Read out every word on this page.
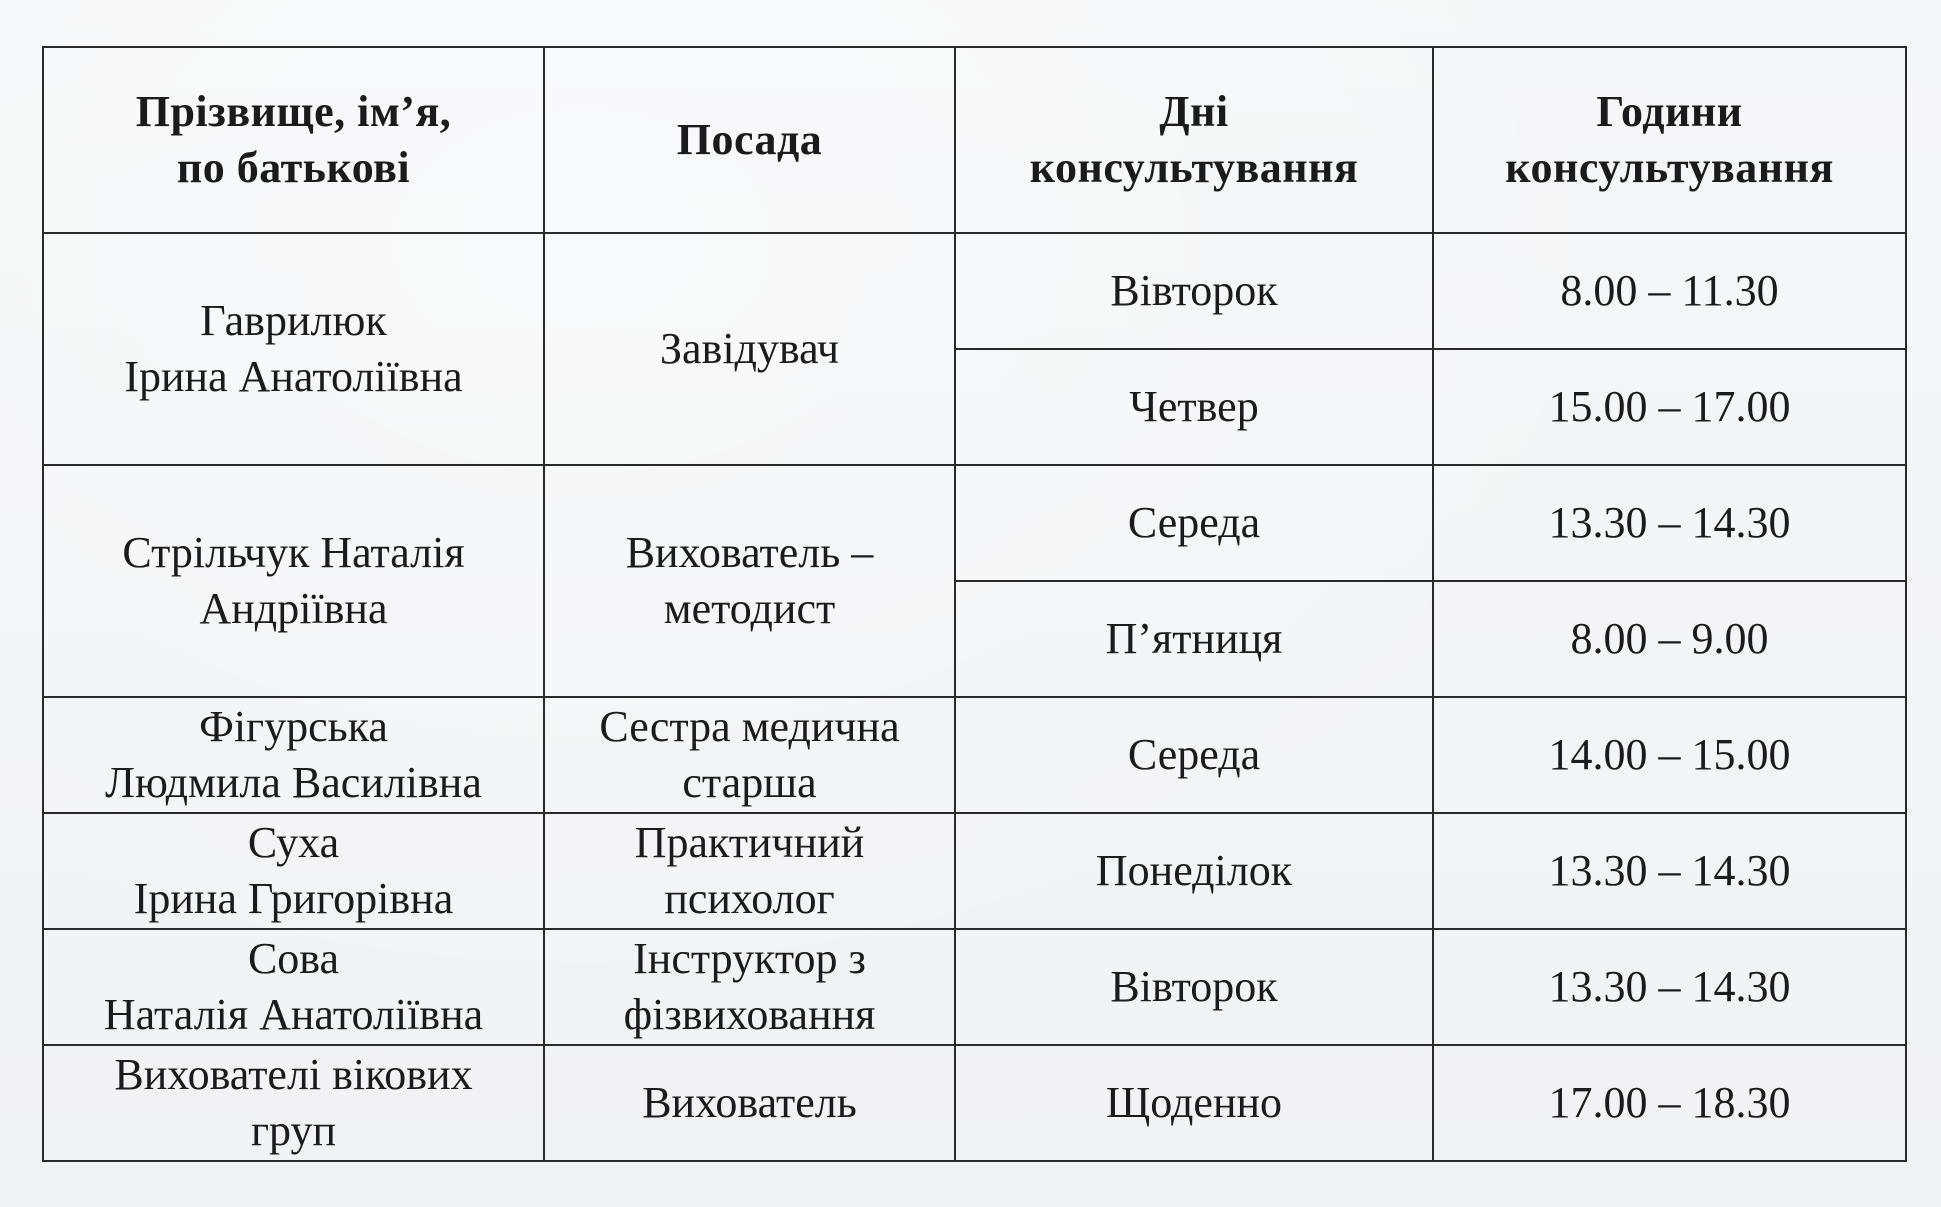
Прізвище, ім’я,
по батькові	Посада	Дні
консультування	Години
консультування

Гаврилюк
Ірина Анатоліївна	Завідувач	Вівторок	8.00 – 11.30
		Четвер	15.00 – 17.00

Стрільчук Наталія
Андріївна	Вихователь –
методист	Середа	13.30 – 14.30
		П’ятниця	8.00 – 9.00

Фігурська
Людмила Василівна	Сестра медична
старша	Середа	14.00 – 15.00

Суха
Ірина Григорівна	Практичний
психолог	Понеділок	13.30 – 14.30

Сова
Наталія Анатоліївна	Інструктор з
фізвиховання	Вівторок	13.30 – 14.30

Вихователі вікових
груп	Вихователь	Щоденно	17.00 – 18.30
